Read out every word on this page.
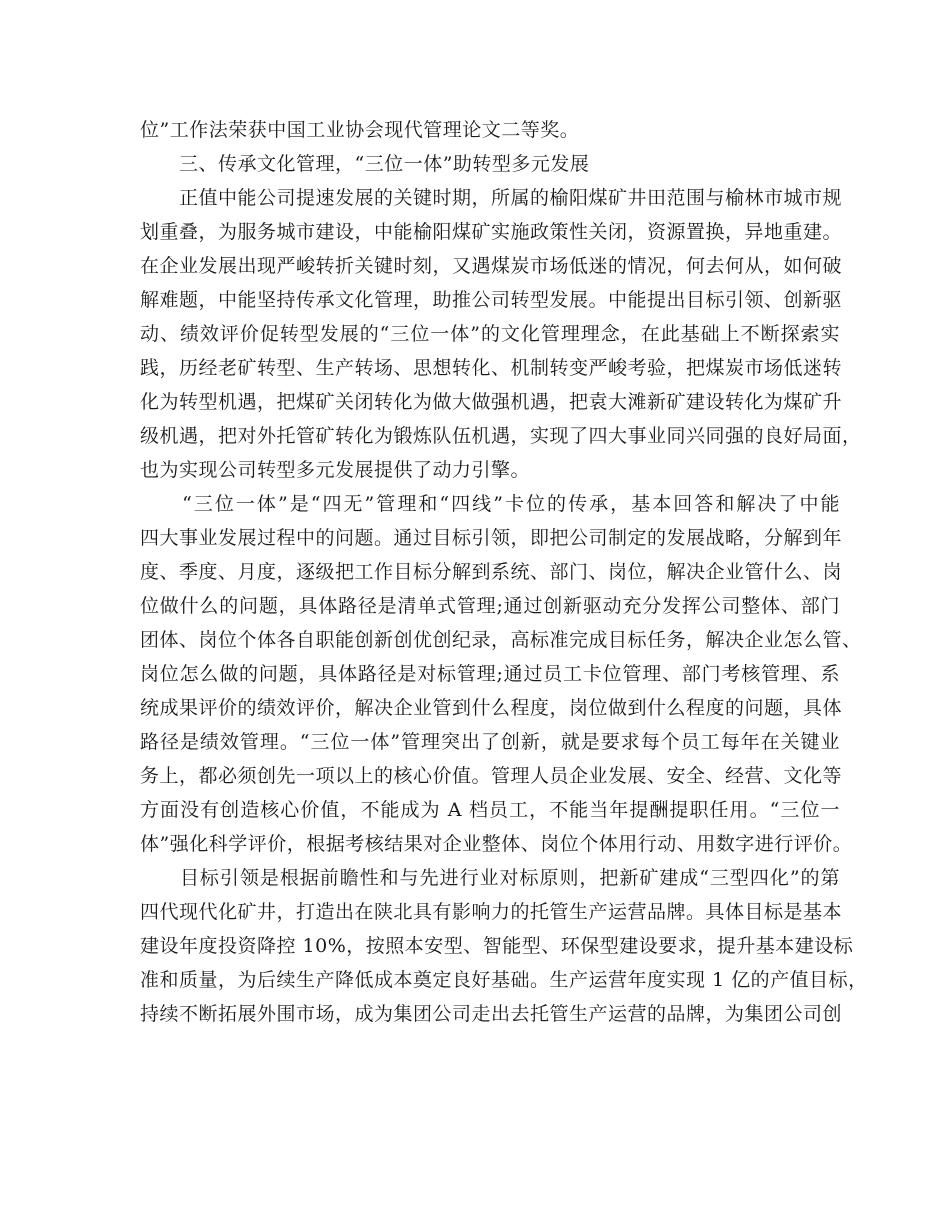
位”工作法荣获中国工业协会现代管理论文二等奖。
　　三、传承文化管理，“三位一体”助转型多元发展
　　正值中能公司提速发展的关键时期，所属的榆阳煤矿井田范围与榆林市城市规
划重叠，为服务城市建设，中能榆阳煤矿实施政策性关闭，资源置换，异地重建。
在企业发展出现严峻转折关键时刻，又遇煤炭市场低迷的情况，何去何从，如何破
解难题，中能坚持传承文化管理，助推公司转型发展。中能提出目标引领、创新驱
动、绩效评价促转型发展的“三位一体”的文化管理理念，在此基础上不断探索实
践，历经老矿转型、生产转场、思想转化、机制转变严峻考验，把煤炭市场低迷转
化为转型机遇，把煤矿关闭转化为做大做强机遇，把袁大滩新矿建设转化为煤矿升
级机遇，把对外托管矿转化为锻炼队伍机遇，实现了四大事业同兴同强的良好局面，
也为实现公司转型多元发展提供了动力引擎。
　　“三位一体”是“四无”管理和“四线”卡位的传承，基本回答和解决了中能
四大事业发展过程中的问题。通过目标引领，即把公司制定的发展战略，分解到年
度、季度、月度，逐级把工作目标分解到系统、部门、岗位，解决企业管什么、岗
位做什么的问题，具体路径是清单式管理;通过创新驱动充分发挥公司整体、部门
团体、岗位个体各自职能创新创优创纪录，高标准完成目标任务，解决企业怎么管、
岗位怎么做的问题，具体路径是对标管理;通过员工卡位管理、部门考核管理、系
统成果评价的绩效评价，解决企业管到什么程度，岗位做到什么程度的问题，具体
路径是绩效管理。“三位一体”管理突出了创新，就是要求每个员工每年在关键业
务上，都必须创先一项以上的核心价值。管理人员企业发展、安全、经营、文化等
方面没有创造核心价值，不能成为 A 档员工，不能当年提酬提职任用。“三位一
体”强化科学评价，根据考核结果对企业整体、岗位个体用行动、用数字进行评价。
　　目标引领是根据前瞻性和与先进行业对标原则，把新矿建成“三型四化”的第
四代现代化矿井，打造出在陕北具有影响力的托管生产运营品牌。具体目标是基本
建设年度投资降控 10%，按照本安型、智能型、环保型建设要求，提升基本建设标
准和质量，为后续生产降低成本奠定良好基础。生产运营年度实现 1 亿的产值目标，
持续不断拓展外围市场，成为集团公司走出去托管生产运营的品牌，为集团公司创
